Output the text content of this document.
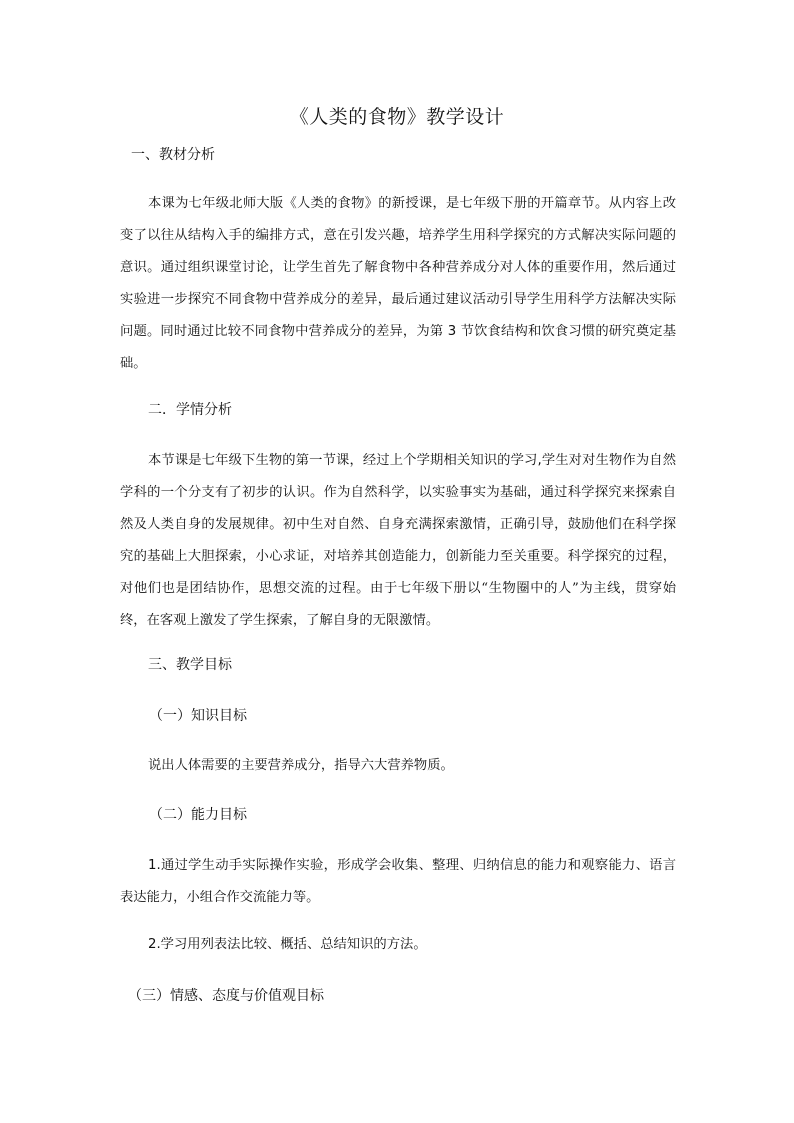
《人类的食物》教学设计
一、教材分析

本课为七年级北师大版《人类的食物》的新授课，是七年级下册的开篇章节。从内容上改变了以往从结构入手的编排方式，意在引发兴趣，培养学生用科学探究的方式解决实际问题的意识。通过组织课堂讨论，让学生首先了解食物中各种营养成分对人体的重要作用，然后通过实验进一步探究不同食物中营养成分的差异，最后通过建议活动引导学生用科学方法解决实际问题。同时通过比较不同食物中营养成分的差异，为第 3 节饮食结构和饮食习惯的研究奠定基础。

二．学情分析

本节课是七年级下生物的第一节课，经过上个学期相关知识的学习,学生对对生物作为自然学科的一个分支有了初步的认识。作为自然科学，以实验事实为基础，通过科学探究来探索自然及人类自身的发展规律。初中生对自然、自身充满探索激情，正确引导，鼓励他们在科学探究的基础上大胆探索，小心求证，对培养其创造能力，创新能力至关重要。科学探究的过程，对他们也是团结协作，思想交流的过程。由于七年级下册以“生物圈中的人”为主线，贯穿始终，在客观上激发了学生探索，了解自身的无限激情。

三、教学目标
（一）知识目标

说出人体需要的主要营养成分，指导六大营养物质。

（二）能力目标

1.通过学生动手实际操作实验，形成学会收集、整理、归纳信息的能力和观察能力、语言表达能力，小组合作交流能力等。

2.学习用列表法比较、概括、总结知识的方法。

（三）情感、态度与价值观目标
